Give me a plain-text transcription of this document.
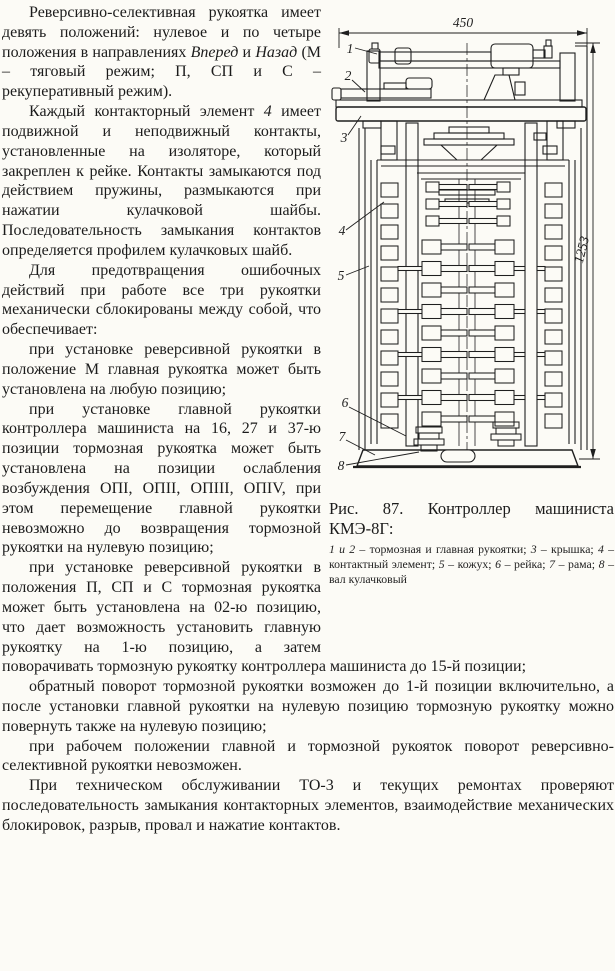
450
1253
1
2
3
4
5
6
7
8
Рис. 87. Контроллер машиниста КМЭ-8Г:
1 и 2 – тормозная и главная рукоятки; 3 – крышка; 4 – контактный элемент; 5 – кожух; 6 – рейка; 7 – рама; 8 – вал кулачковый

Реверсивно-селективная рукоятка имеет девять положений: нулевое и по четыре положения в направлениях Вперед и Назад (М – тяговый режим; П, СП и С – рекуперативный режим).

Каждый контакторный элемент 4 имеет подвижной и неподвижный контакты, установленные на изоляторе, который закреплен к рейке. Контакты замыкаются под действием пружины, размыкаются при нажатии кулачковой шайбы. Последовательность замыкания контактов определяется профилем кулачковых шайб.

Для предотвращения ошибочных действий при работе все три рукоятки механически сблокированы между собой, что обеспечивает:

при установке реверсивной рукоятки в положение М главная рукоятка может быть установлена на любую позицию;

при установке главной рукоятки контроллера машиниста на 16, 27 и 37-ю позиции тормозная рукоятка может быть установлена на позиции ослабления возбуждения ОПI, ОПII, ОПIII, ОПIV, при этом перемещение главной рукоятки невозможно до возвращения тормозной рукоятки на нулевую позицию;

при установке реверсивной рукоятки в положения П, СП и С тормозная рукоятка может быть установлена на 02-ю позицию, что дает возможность установить главную рукоятку на 1-ю позицию, а затем поворачивать тормозную рукоятку контроллера машиниста до 15-й позиции;

обратный поворот тормозной рукоятки возможен до 1-й позиции включительно, а после установки главной рукоятки на нулевую позицию тормозную рукоятку можно повернуть также на нулевую позицию;

при рабочем положении главной и тормозной рукояток поворот реверсивно-селективной рукоятки невозможен.

При техническом обслуживании ТО-3 и текущих ремонтах проверяют последовательность замыкания контакторных элементов, взаимодействие механических блокировок, разрыв, провал и нажатие контактов.
